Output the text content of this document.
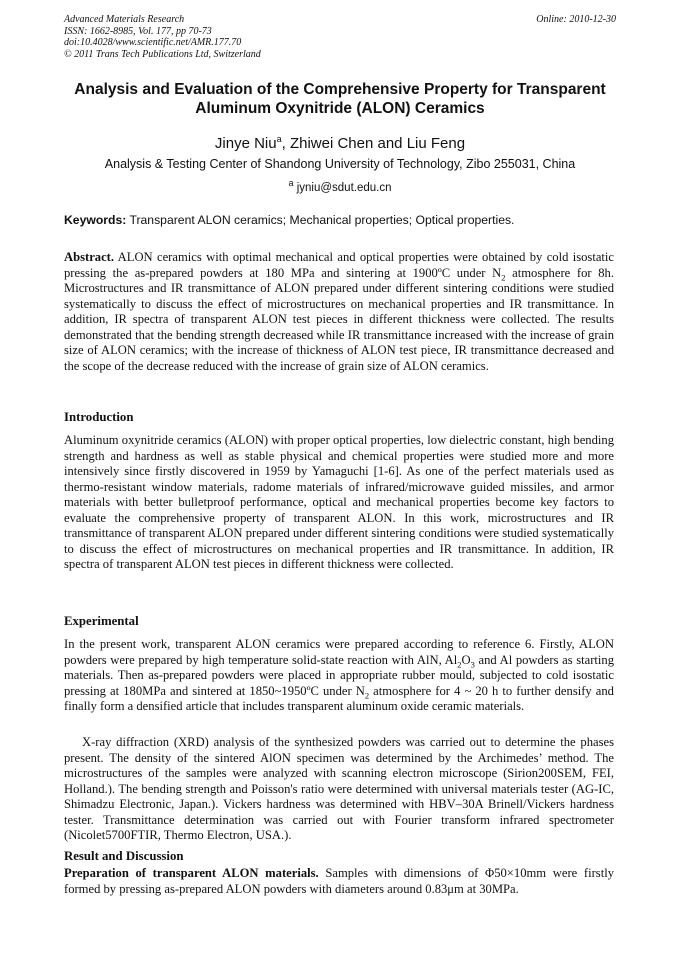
Advanced Materials Research
ISSN: 1662-8985, Vol. 177, pp 70-73
doi:10.4028/www.scientific.net/AMR.177.70
© 2011 Trans Tech Publications Ltd, Switzerland
Online: 2010-12-30
Analysis and Evaluation of the Comprehensive Property for Transparent Aluminum Oxynitride (ALON) Ceramics
Jinye Niu$^a$, Zhiwei Chen and Liu Feng
Analysis & Testing Center of Shandong University of Technology, Zibo 255031, China
$^a$ jyniu@sdut.edu.cn
Keywords: Transparent ALON ceramics; Mechanical properties; Optical properties.
Abstract. ALON ceramics with optimal mechanical and optical properties were obtained by cold isostatic pressing the as-prepared powders at 180 MPa and sintering at 1900ºC under $N_2$ atmosphere for 8h. Microstructures and IR transmittance of ALON prepared under different sintering conditions were studied systematically to discuss the effect of microstructures on mechanical properties and IR transmittance. In addition, IR spectra of transparent ALON test pieces in different thickness were collected. The results demonstrated that the bending strength decreased while IR transmittance increased with the increase of grain size of ALON ceramics; with the increase of thickness of ALON test piece, IR transmittance decreased and the scope of the decrease reduced with the increase of grain size of ALON ceramics.
Introduction
Aluminum oxynitride ceramics (ALON) with proper optical properties, low dielectric constant, high bending strength and hardness as well as stable physical and chemical properties were studied more and more intensively since firstly discovered in 1959 by Yamaguchi [1-6]. As one of the perfect materials used as thermo-resistant window materials, radome materials of infrared/microwave guided missiles, and armor materials with better bulletproof performance, optical and mechanical properties become key factors to evaluate the comprehensive property of transparent ALON. In this work, microstructures and IR transmittance of transparent ALON prepared under different sintering conditions were studied systematically to discuss the effect of microstructures on mechanical properties and IR transmittance. In addition, IR spectra of transparent ALON test pieces in different thickness were collected.
Experimental
In the present work, transparent ALON ceramics were prepared according to reference 6. Firstly, ALON powders were prepared by high temperature solid-state reaction with AlN, $Al_2O_3$ and Al powders as starting materials. Then as-prepared powders were placed in appropriate rubber mould, subjected to cold isostatic pressing at 180MPa and sintered at 1850~1950ºC under $N_2$ atmosphere for 4 ~ 20 h to further densify and finally form a densified article that includes transparent aluminum oxide ceramic materials.
X-ray diffraction (XRD) analysis of the synthesized powders was carried out to determine the phases present. The density of the sintered AlON specimen was determined by the Archimedes’ method. The microstructures of the samples were analyzed with scanning electron microscope (Sirion200SEM, FEI, Holland.). The bending strength and Poisson's ratio were determined with universal materials tester (AG-IC, Shimadzu Electronic, Japan.). Vickers hardness was determined with HBV–30A Brinell/Vickers hardness tester. Transmittance determination was carried out with Fourier transform infrared spectrometer (Nicolet5700FTIR, Thermo Electron, USA.).
Result and Discussion
Preparation of transparent ALON materials. Samples with dimensions of Φ50×10mm were firstly formed by pressing as-prepared ALON powders with diameters around 0.83μm at 30MPa.
